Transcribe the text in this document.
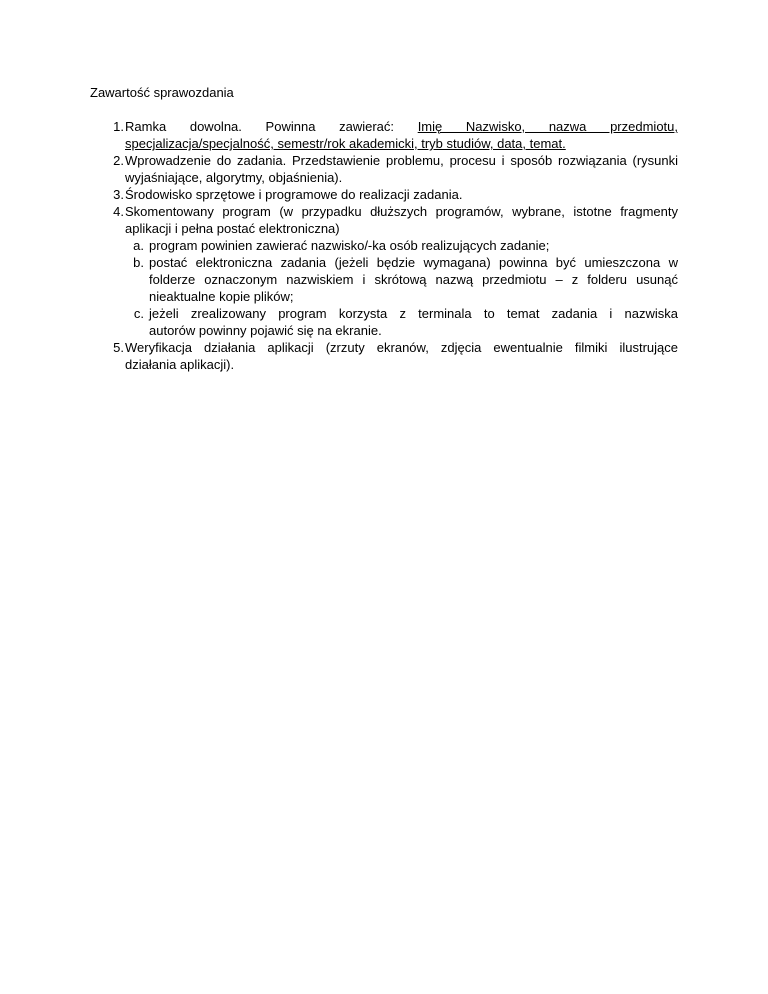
Zawartość sprawozdania
1. Ramka dowolna. Powinna zawierać: Imię Nazwisko, nazwa przedmiotu,
specjalizacja/specjalność, semestr/rok akademicki, tryb studiów, data, temat.
2. Wprowadzenie do zadania. Przedstawienie problemu, procesu i sposób rozwiązania (rysunki
wyjaśniające, algorytmy, objaśnienia).
3. Środowisko sprzętowe i programowe do realizacji zadania.
4. Skomentowany program (w przypadku dłuższych programów, wybrane, istotne fragmenty
aplikacji i pełna postać elektroniczna)
a. program powinien zawierać nazwisko/-ka osób realizujących zadanie;
b. postać elektroniczna zadania (jeżeli będzie wymagana) powinna być umieszczona w
folderze oznaczonym nazwiskiem i skrótową nazwą przedmiotu – z folderu usunąć
nieaktualne kopie plików;
c. jeżeli zrealizowany program korzysta z terminala to temat zadania i nazwiska
autorów powinny pojawić się na ekranie.
5. Weryfikacja działania aplikacji (zrzuty ekranów, zdjęcia ewentualnie filmiki ilustrujące
działania aplikacji).
